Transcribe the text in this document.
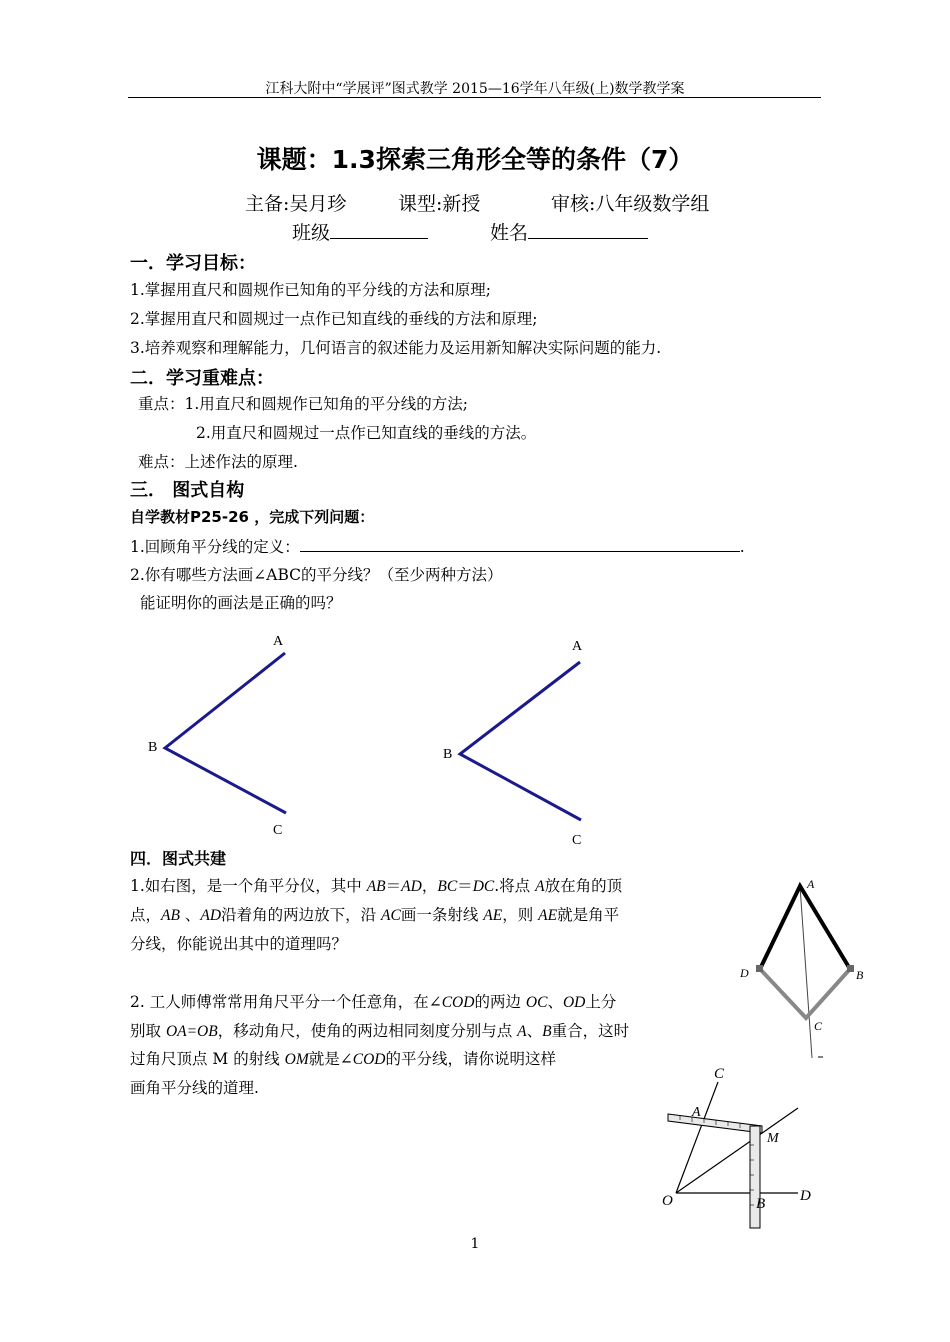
江科大附中“学展评”图式教学 2015—16学年八年级(上)数学教学案
课题：1.3探索三角形全等的条件（7）
主备:吴月珍	课型:新授	审核:八年级数学组
班级	姓名
一．学习目标：
1.掌握用直尺和圆规作已知角的平分线的方法和原理;
2.掌握用直尺和圆规过一点作已知直线的垂线的方法和原理;
3.培养观察和理解能力，几何语言的叙述能力及运用新知解决实际问题的能力.
二．学习重难点：
重点：1.用直尺和圆规作已知角的平分线的方法;
2.用直尺和圆规过一点作已知直线的垂线的方法。
难点：上述作法的原理.
三． 图式自构
自学教材P25-26 ，完成下列问题：
1.回顾角平分线的定义：	.
2.你有哪些方法画∠ABC的平分线？（至少两种方法）
能证明你的画法是正确的吗？
A
B
C
A
B
C
四．图式共建
1.如右图，是一个角平分仪，其中 AB＝AD，BC＝DC.将点 A放在角的顶
点，AB 、AD沿着角的两边放下，沿 AC画一条射线 AE，则 AE就是角平
分线，你能说出其中的道理吗？
2. 工人师傅常常用角尺平分一个任意角，在∠COD的两边 OC、OD上分
别取 OA=OB，移动角尺，使角的两边相同刻度分别与点 A、B重合，这时
过角尺顶点 M 的射线 OM就是∠COD的平分线，请你说明这样
画角平分线的道理.
A
B
C
D
C
A
M
O	B D
1
